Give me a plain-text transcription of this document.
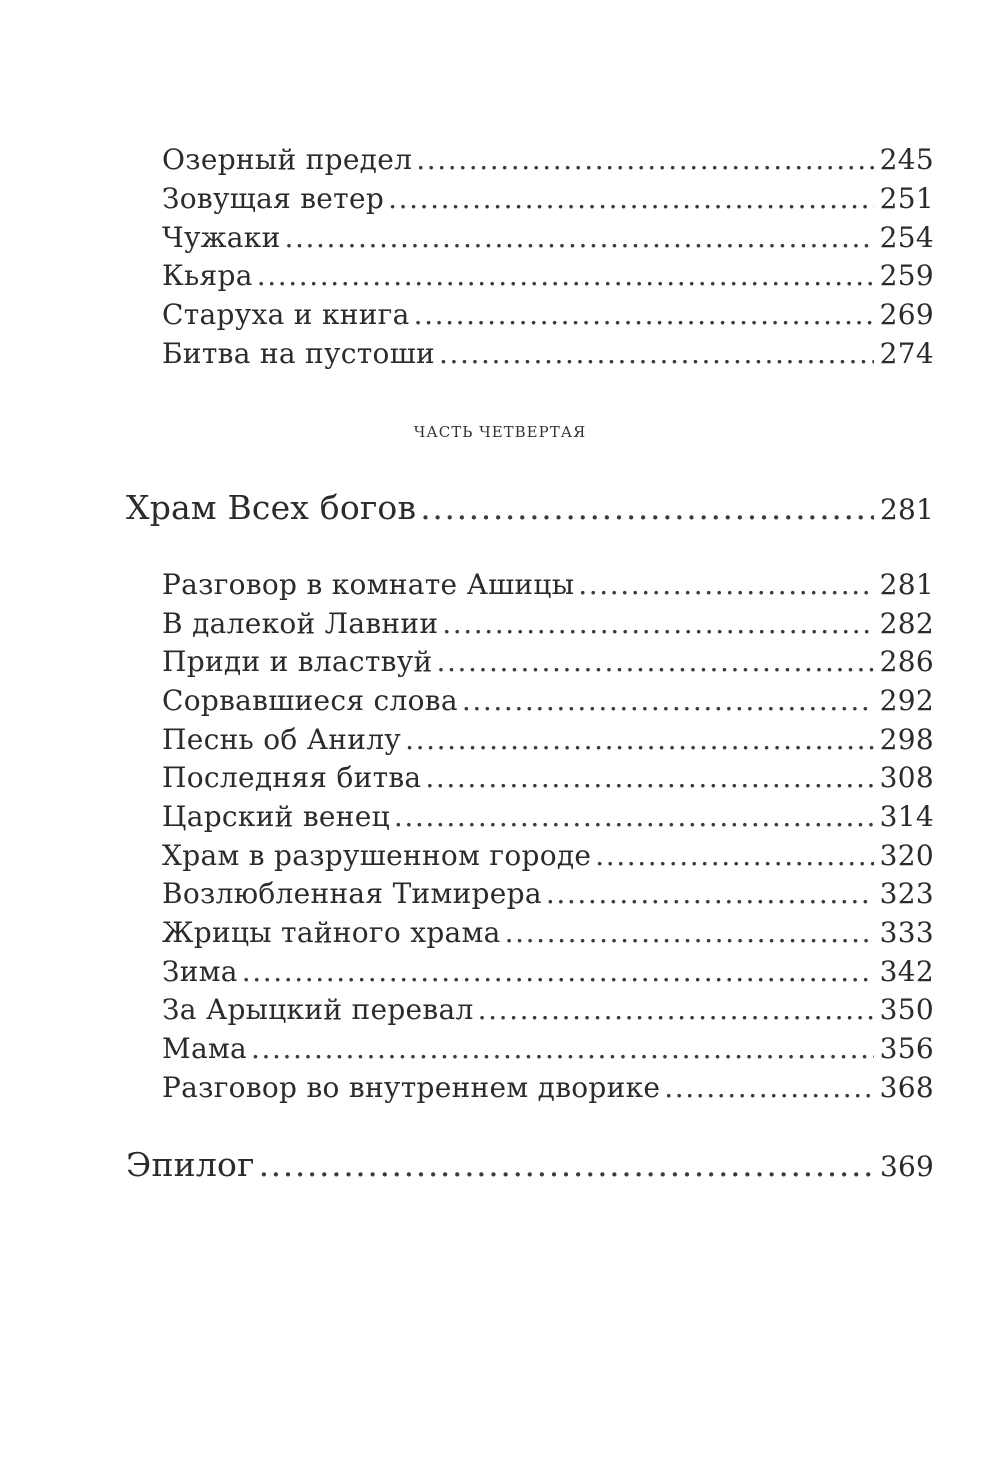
Озерный предел .....	245
Зовущая ветер .....	251
Чужаки .....	254
Кьяра .....	259
Старуха и книга .....	269
Битва на пустоши .....	274
ЧАСТЬ ЧЕТВЕРТАЯ
Храм Всех богов .....	281
Разговор в комнате Ашицы .....	281
В далекой Лавнии .....	282
Приди и властвуй .....	286
Сорвавшиеся слова .....	292
Песнь об Анилу .....	298
Последняя битва .....	308
Царский венец .....	314
Храм в разрушенном городе .....	320
Возлюбленная Тимирера .....	323
Жрицы тайного храма .....	333
Зима .....	342
За Арыцкий перевал .....	350
Мама .....	356
Разговор во внутреннем дворике .....	368
Эпилог .....	369
